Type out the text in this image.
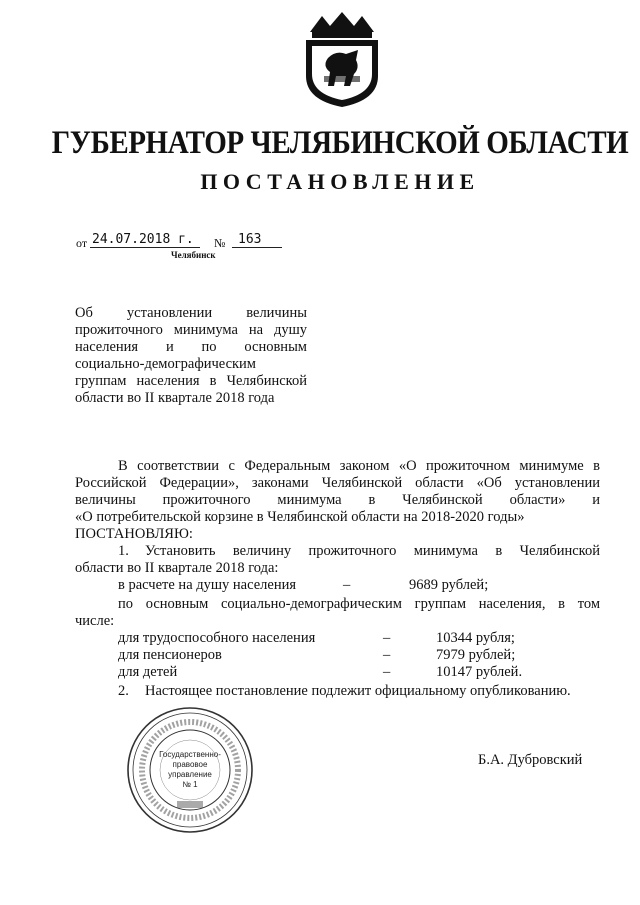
ГУБЕРНАТОР ЧЕЛЯБИНСКОЙ ОБЛАСТИ
ПОСТАНОВЛЕНИЕ
от 24.07.2018 г.	№ 163
Челябинск
Об установлении величины
прожиточного минимума на душу
населения и по основным
социально-демографическим
группам населения в Челябинской
области во II квартале 2018 года
В соответствии с Федеральным законом «О прожиточном минимуме в
Российской Федерации», законами Челябинской области «Об установлении
величины прожиточного минимума в Челябинской области» и
«О потребительской корзине в Челябинской области на 2018-2020 годы»
ПОСТАНОВЛЯЮ:
1. Установить величину прожиточного минимума в Челябинской
области во II квартале 2018 года:
в расчете на душу населения	–	9689 рублей;
по основным социально-демографическим группам населения, в том
числе:
для трудоспособного населения	–	10344 рубля;
для пенсионеров	–	7979 рублей;
для детей	–	10147 рублей.
2. Настоящее постановление подлежит официальному опубликованию.
Государственно-
правовое
управление
№ 1
Б.А. Дубровский
